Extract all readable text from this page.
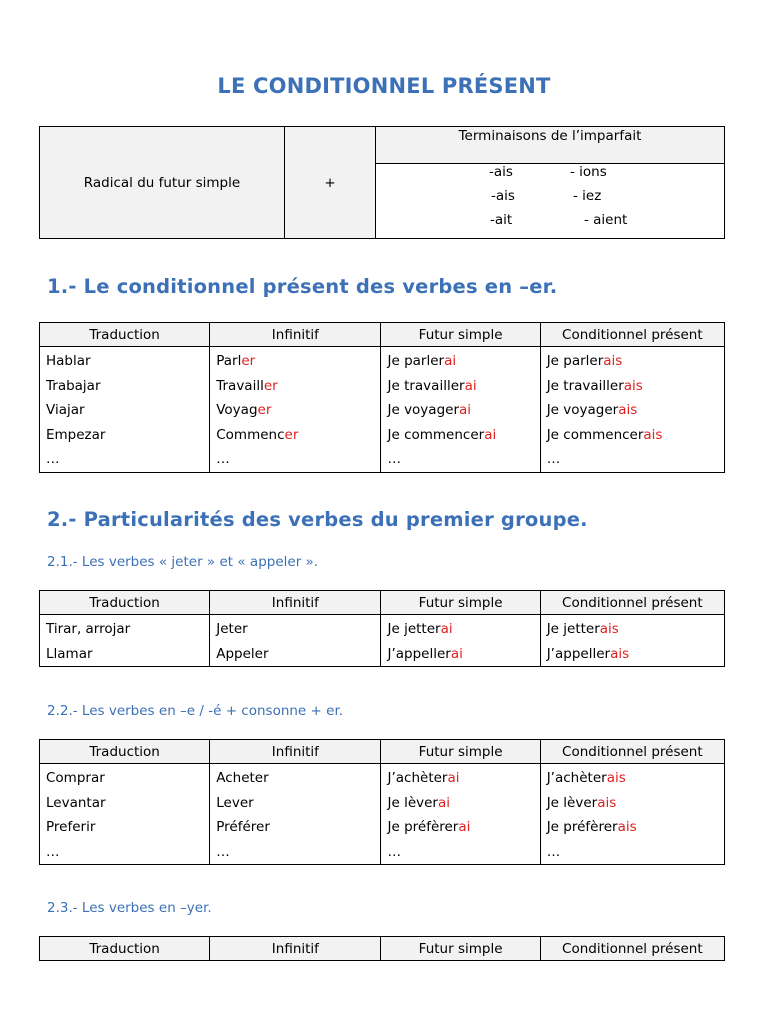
LE CONDITIONNEL PRÉSENT
Radical du futur simple	+
Terminaisons de l’imparfait
-ais	- ions
-ais	- iez
-ait	- aient
1.- Le conditionnel présent des verbes en –er.
Traduction	Infinitif	Futur simple	Conditionnel présent
Hablar	Parler	Je parlerai	Je parlerais
Trabajar	Travailler	Je travaillerai	Je travaillerais
Viajar	Voyager	Je voyagerai	Je voyagerais
Empezar	Commencer	Je commencerai	Je commencerais
…	…	…	…
2.- Particularités des verbes du premier groupe.
2.1.- Les verbes « jeter » et « appeler ».
Traduction	Infinitif	Futur simple	Conditionnel présent
Tirar, arrojar	Jeter	Je jetterai	Je jetterais
Llamar	Appeler	J’appellerai	J’appellerais
2.2.- Les verbes en –e / -é + consonne + er.
Traduction	Infinitif	Futur simple	Conditionnel présent
Comprar	Acheter	J’achèterai	J’achèterais
Levantar	Lever	Je lèverai	Je lèverais
Preferir	Préférer	Je préfèrerai	Je préfèrerais
…	…	…	…
2.3.- Les verbes en –yer.
Traduction	Infinitif	Futur simple	Conditionnel présent
